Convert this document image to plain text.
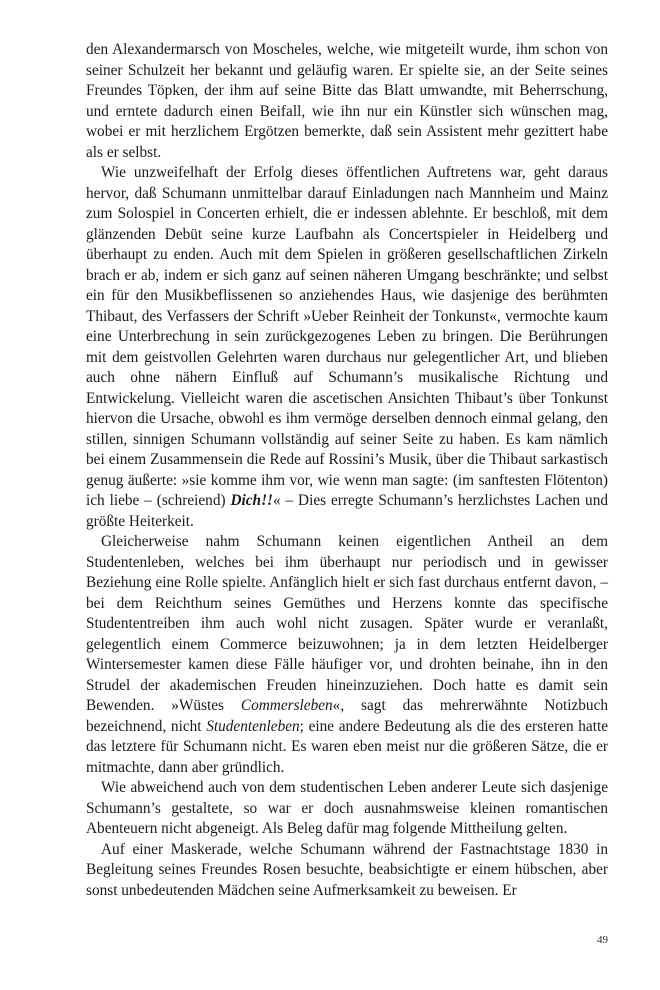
den Alexandermarsch von Moscheles, welche, wie mitgeteilt wurde, ihm schon von seiner Schulzeit her bekannt und geläufig waren. Er spielte sie, an der Seite seines Freundes Töpken, der ihm auf seine Bitte das Blatt umwandte, mit Beherrschung, und erntete dadurch einen Beifall, wie ihn nur ein Künstler sich wünschen mag, wobei er mit herzlichem Ergötzen bemerkte, daß sein Assistent mehr gezittert habe als er selbst.

Wie unzweifelhaft der Erfolg dieses öffentlichen Auftretens war, geht daraus hervor, daß Schumann unmittelbar darauf Einladungen nach Mannheim und Mainz zum Solospiel in Concerten erhielt, die er indessen ablehnte. Er beschloß, mit dem glänzenden Debüt seine kurze Laufbahn als Concertspieler in Heidelberg und überhaupt zu enden. Auch mit dem Spielen in größeren gesellschaftlichen Zirkeln brach er ab, indem er sich ganz auf seinen näheren Umgang beschränkte; und selbst ein für den Musikbeflissenen so anziehendes Haus, wie dasjenige des berühmten Thibaut, des Verfassers der Schrift »Ueber Reinheit der Tonkunst«, vermochte kaum eine Unterbrechung in sein zurückgezogenes Leben zu bringen. Die Berührungen mit dem geistvollen Gelehrten waren durchaus nur gelegentlicher Art, und blieben auch ohne nähern Einfluß auf Schumann’s musikalische Richtung und Entwickelung. Vielleicht waren die ascetischen Ansichten Thibaut’s über Tonkunst hiervon die Ursache, obwohl es ihm vermöge derselben dennoch einmal gelang, den stillen, sinnigen Schumann vollständig auf seiner Seite zu haben. Es kam nämlich bei einem Zusammensein die Rede auf Rossini’s Musik, über die Thibaut sarkastisch genug äußerte: »sie komme ihm vor, wie wenn man sagte: (im sanftesten Flötenton) ich liebe – (schreiend) Dich!!« – Dies erregte Schumann’s herzlichstes Lachen und größte Heiterkeit.

Gleicherweise nahm Schumann keinen eigentlichen Antheil an dem Studentenleben, welches bei ihm überhaupt nur periodisch und in gewisser Beziehung eine Rolle spielte. Anfänglich hielt er sich fast durchaus entfernt davon, – bei dem Reichthum seines Gemüthes und Herzens konnte das specifische Studententreiben ihm auch wohl nicht zusagen. Später wurde er veranlaßt, gelegentlich einem Commerce beizuwohnen; ja in dem letzten Heidelberger Wintersemester kamen diese Fälle häufiger vor, und drohten beinahe, ihn in den Strudel der akademischen Freuden hineinzuziehen. Doch hatte es damit sein Bewenden. »Wüstes Commersleben«, sagt das mehrerwähnte Notizbuch bezeichnend, nicht Studentenleben; eine andere Bedeutung als die des ersteren hatte das letztere für Schumann nicht. Es waren eben meist nur die größeren Sätze, die er mitmachte, dann aber gründlich.

Wie abweichend auch von dem studentischen Leben anderer Leute sich dasjenige Schumann’s gestaltete, so war er doch ausnahmsweise kleinen romantischen Abenteuern nicht abgeneigt. Als Beleg dafür mag folgende Mittheilung gelten.

Auf einer Maskerade, welche Schumann während der Fastnachtstage 1830 in Begleitung seines Freundes Rosen besuchte, beabsichtigte er einem hübschen, aber sonst unbedeutenden Mädchen seine Aufmerksamkeit zu beweisen. Er

49
